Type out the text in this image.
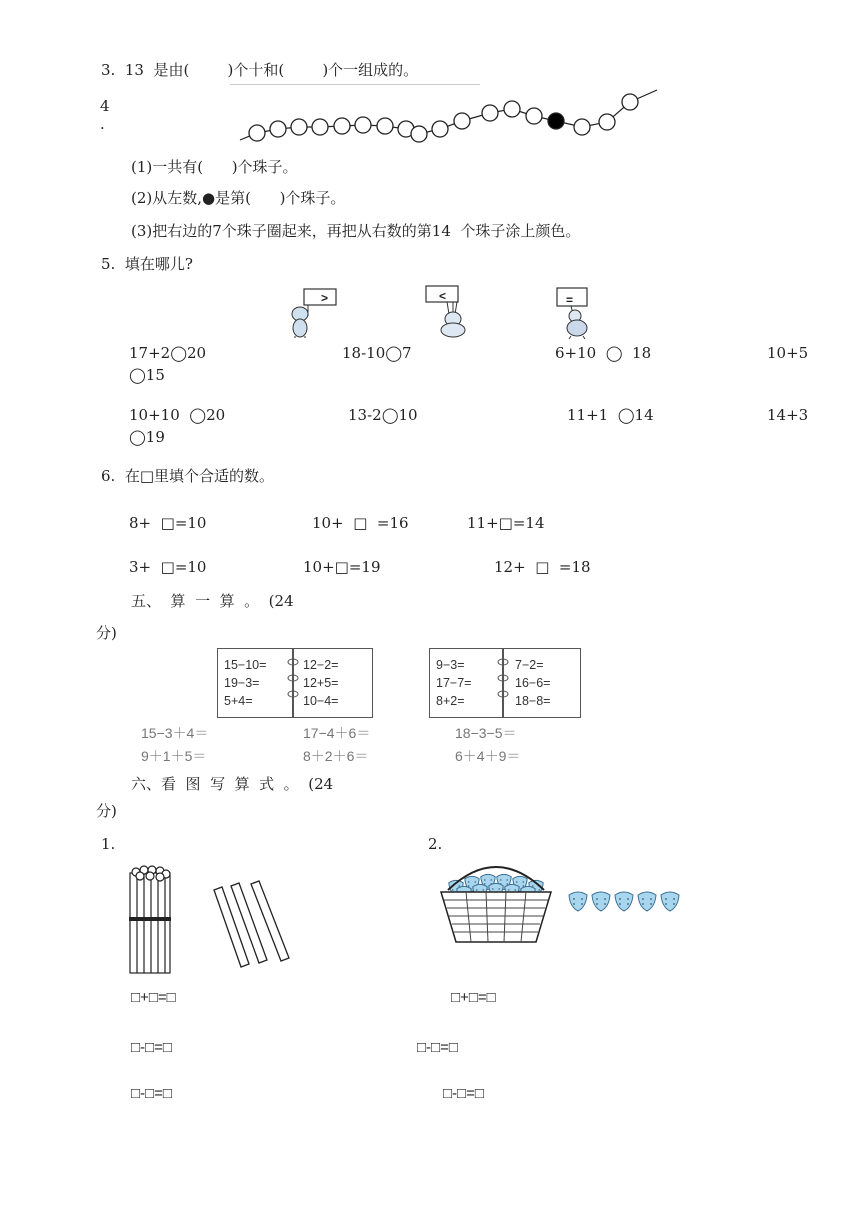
3.  13  是由(        )个十和(        )个一组成的。
4
·
(1)一共有(      )个珠子。
(2)从左数,●是第(      )个珠子。
(3)把右边的7个珠子圈起来，再把从右数的第14  个珠子涂上颜色。
5.  填在哪儿?
>	<	=
17+2◯20	18-10◯7	6+10  ◯  18	10+5
◯15
10+10  ◯20	13-2◯10	11+1  ◯14	14+3
◯19
6.  在□里填个合适的数。
8+  □=10	10+  □  =16	11+□=14
3+  □=10	10+□=19	12+  □  =18
五、  算  一  算  。  (24
分)
15−10=
19−3=
5+4=
12−2=
12+5=
10−4=
9−3=
17−7=
8+2=
7−2=
16−6=
18−8=
15−3＋4＝	17−4＋6＝	18−3−5＝
9＋1＋5＝	8＋2＋6＝	6＋4＋9＝
六、看  图  写  算  式  。  (24
分)
1.	2.
□+□=□
□-□=□
□-□=□
□+□=□
□-□=□
□-□=□
